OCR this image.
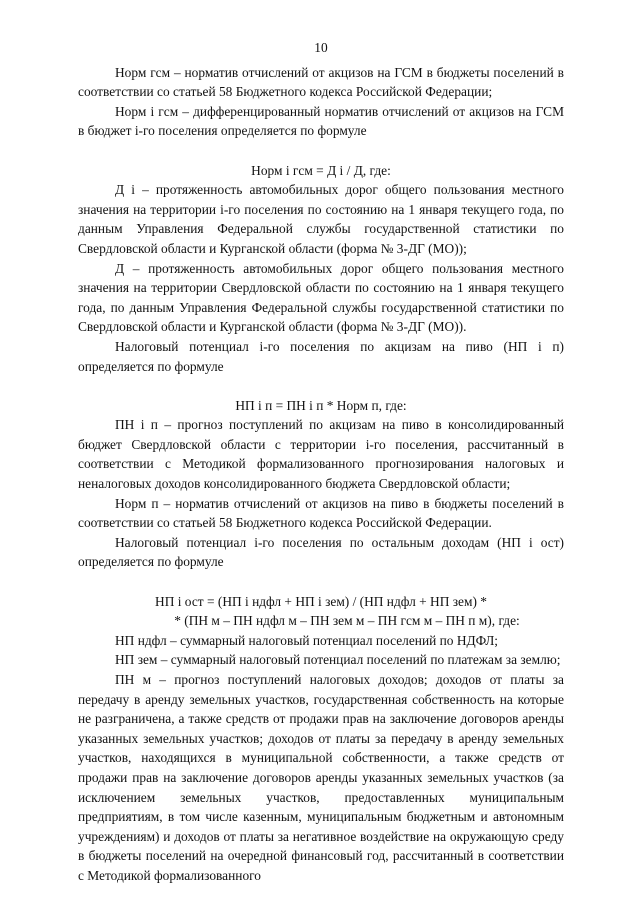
10

Норм гсм – норматив отчислений от акцизов на ГСМ в бюджеты поселений в соответствии со статьей 58 Бюджетного кодекса Российской Федерации;

Норм i гсм – дифференцированный норматив отчислений от акцизов на ГСМ в бюджет i-го поселения определяется по формуле

Норм i гсм = Д i / Д, где:

Д i – протяженность автомобильных дорог общего пользования местного значения на территории i-го поселения по состоянию на 1 января текущего года, по данным Управления Федеральной службы государственной статистики по Свердловской области и Курганской области (форма № 3-ДГ (МО));

Д – протяженность автомобильных дорог общего пользования местного значения на территории Свердловской области по состоянию на 1 января текущего года, по данным Управления Федеральной службы государственной статистики по Свердловской области и Курганской области (форма № 3-ДГ (МО)).

Налоговый потенциал i-го поселения по акцизам на пиво (НП i п) определяется по формуле

НП i п = ПН i п * Норм п, где:

ПН i п – прогноз поступлений по акцизам на пиво в консолидированный бюджет Свердловской области с территории i-го поселения, рассчитанный в соответствии с Методикой формализованного прогнозирования налоговых и неналоговых доходов консолидированного бюджета Свердловской области;

Норм п – норматив отчислений от акцизов на пиво в бюджеты поселений в соответствии со статьей 58 Бюджетного кодекса Российской Федерации.

Налоговый потенциал i-го поселения по остальным доходам (НП i ост) определяется по формуле

НП i ост = (НП i ндфл + НП i зем) / (НП ндфл + НП зем) *

* (ПН м – ПН ндфл м – ПН зем м – ПН гсм м – ПН п м), где:

НП ндфл – суммарный налоговый потенциал поселений по НДФЛ;

НП зем – суммарный налоговый потенциал поселений по платежам за землю;

ПН м – прогноз поступлений налоговых доходов; доходов от платы за передачу в аренду земельных участков, государственная собственность на которые не разграничена, а также средств от продажи прав на заключение договоров аренды указанных земельных участков; доходов от платы за передачу в аренду земельных участков, находящихся в муниципальной собственности, а также средств от продажи прав на заключение договоров аренды указанных земельных участков (за исключением земельных участков, предоставленных муниципальным предприятиям, в том числе казенным, муниципальным бюджетным и автономным учреждениям) и доходов от платы за негативное воздействие на окружающую среду в бюджеты поселений на очередной финансовый год, рассчитанный в соответствии с Методикой формализованного
